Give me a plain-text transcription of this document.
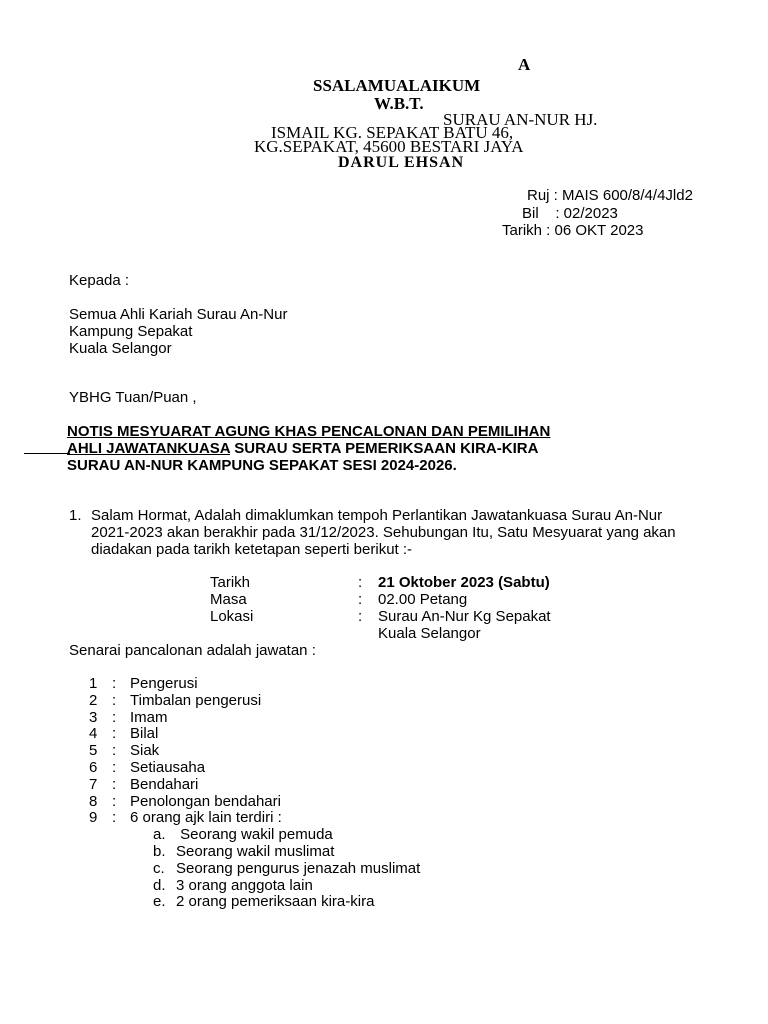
A
SSALAMUALAIKUM
W.B.T.
SURAU AN-NUR HJ.
ISMAIL KG. SEPAKAT BATU 46,
KG.SEPAKAT, 45600 BESTARI JAYA
DARUL EHSAN
Ruj : MAIS 600/8/4/4Jld2
Bil    : 02/2023
Tarikh : 06 OKT 2023
Kepada :
Semua Ahli Kariah Surau An-Nur
Kampung Sepakat
Kuala Selangor
YBHG Tuan/Puan ,
NOTIS MESYUARAT AGUNG KHAS PENCALONAN DAN PEMILIHAN
AHLI JAWATANKUASA SURAU SERTA PEMERIKSAAN KIRA-KIRA
SURAU AN-NUR KAMPUNG SEPAKAT SESI 2024-2026.
1. Salam Hormat, Adalah dimaklumkan tempoh Perlantikan Jawatankuasa Surau An-Nur
2021-2023 akan berakhir pada 31/12/2023. Sehubungan Itu, Satu Mesyuarat yang akan
diadakan pada tarikh ketetapan seperti berikut :-
Tarikh	: 21 Oktober 2023 (Sabtu)
Masa	: 02.00 Petang
Lokasi	: Surau An-Nur Kg Sepakat
Kuala Selangor
Senarai pancalonan adalah jawatan :
1 : Pengerusi
2 : Timbalan pengerusi
3 : Imam
4 : Bilal
5 : Siak
6 : Setiausaha
7 : Bendahari
8 : Penolongan bendahari
9 : 6 orang ajk lain terdiri :
a. Seorang wakil pemuda
b. Seorang wakil muslimat
c. Seorang pengurus jenazah muslimat
d. 3 orang anggota lain
e. 2 orang pemeriksaan kira-kira
